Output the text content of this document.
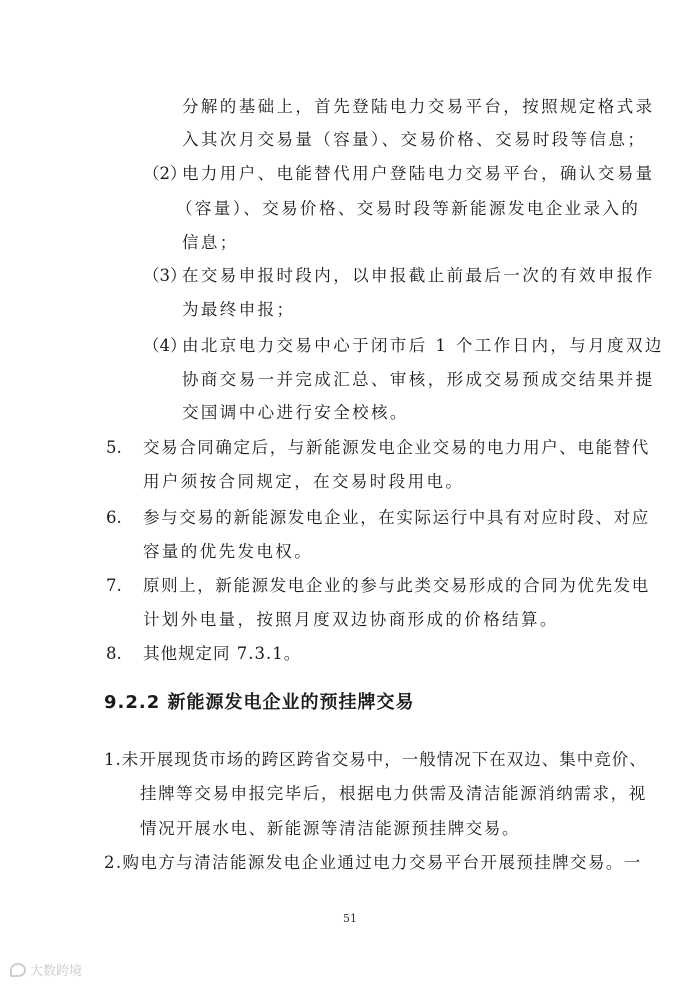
分解的基础上，首先登陆电力交易平台，按照规定格式录
入其次月交易量（容量）、交易价格、交易时段等信息；
（2）
电力用户、电能替代用户登陆电力交易平台，确认交易量
（容量）、交易价格、交易时段等新能源发电企业录入的
信息；
（3）
在交易申报时段内，以申报截止前最后一次的有效申报作
为最终申报；
（4）
由北京电力交易中心于闭市后 1 个工作日内，与月度双边
协商交易一并完成汇总、审核，形成交易预成交结果并提
交国调中心进行安全校核。
5. 交易合同确定后，与新能源发电企业交易的电力用户、电能替代
用户须按合同规定，在交易时段用电。
6. 参与交易的新能源发电企业，在实际运行中具有对应时段、对应
容量的优先发电权。
7. 原则上，新能源发电企业的参与此类交易形成的合同为优先发电
计划外电量，按照月度双边协商形成的价格结算。
8. 其他规定同 7.3.1。
9.2.2 新能源发电企业的预挂牌交易
1.未开展现货市场的跨区跨省交易中，一般情况下在双边、集中竞价、
挂牌等交易申报完毕后，根据电力供需及清洁能源消纳需求，视
情况开展水电、新能源等清洁能源预挂牌交易。
2.购电方与清洁能源发电企业通过电力交易平台开展预挂牌交易。一
51
大数跨境
